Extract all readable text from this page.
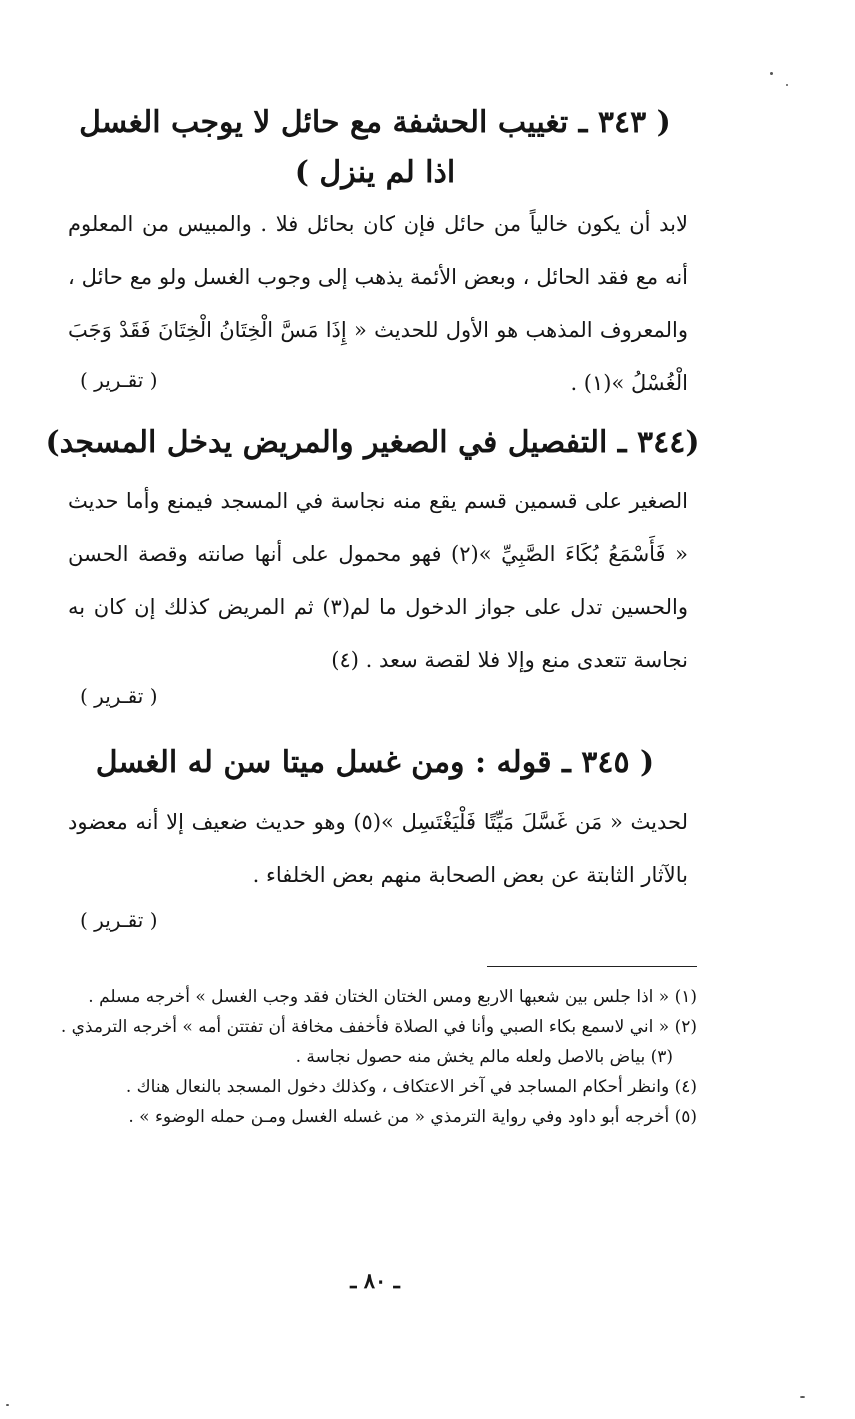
( ٣٤٣ ـ تغييب الحشفة مع حائل لا يوجب الغسل
اذا لم ينزل )
لابد أن يكون خالياً من حائل فإن كان بحائل فلا . والمبيس من المعلوم أنه مع فقد الحائل ، وبعض الأئمة يذهب إلى وجوب الغسل ولو مع حائل ، والمعروف المذهب هو الأول للحديث « إِذَا مَسَّ الْخِتَانُ الْخِتَانَ فَقَدْ وَجَبَ الْغُسْلُ »(١) .
( تقـرير )
(٣٤٤ ـ التفصيل في الصغير والمريض يدخل المسجد)
الصغير على قسمين قسم يقع منه نجاسة في المسجد فيمنع وأما حديث « فَأَسْمَعُ بُكَاءَ الصَّبِيِّ »(٢) فهو محمول على أنها صانته وقصة الحسن والحسين تدل على جواز الدخول ما لم(٣) ثم المريض كذلك إن كان به نجاسة تتعدى منع وإلا فلا لقصة سعد . (٤)
( تقـرير )
( ٣٤٥ ـ قوله : ومن غسل ميتا سن له الغسل
لحديث « مَن غَسَّلَ مَيِّتًا فَلْيَغْتَسِل »(٥) وهو حديث ضعيف إلا أنه معضود بالآثار الثابتة عن بعض الصحابة منهم بعض الخلفاء .
( تقـرير )

(١) « اذا جلس بين شعبها الاربع ومس الختان الختان فقد وجب الغسل » أخرجه مسلم .

(٢) « اني لاسمع بكاء الصبي وأنا في الصلاة فأخفف مخافة أن تفتتن أمه » أخرجه الترمذي .

(٣) بياض بالاصل ولعله مالم يخش منه حصول نجاسة .

(٤) وانظر أحكام المساجد في آخر الاعتكاف ، وكذلك دخول المسجد بالنعال هناك .

(٥) أخرجه أبو داود وفي رواية الترمذي « من غسله الغسل ومـن حمله الوضوء » .

ـ ٨٠ ـ
